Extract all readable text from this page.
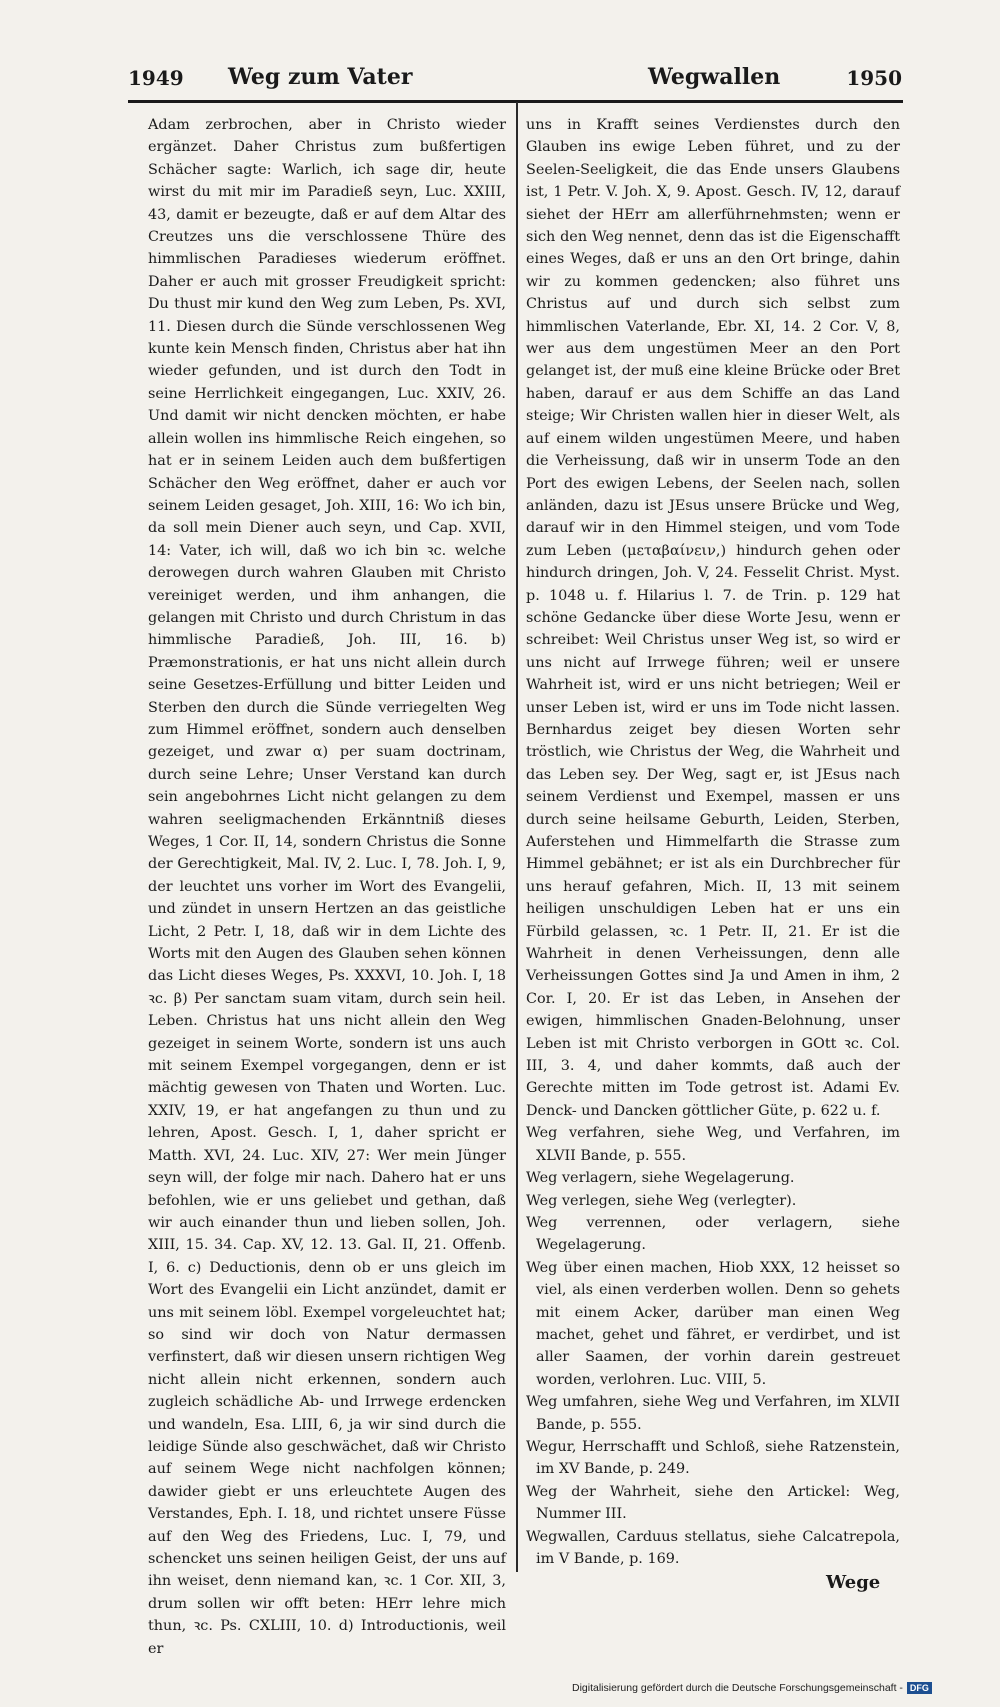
1949 Weg zum Vater	Wegwallen	1950

Adam zerbrochen, aber in Christo wieder ergänzet. Daher Christus zum bußfertigen Schächer sagte: Warlich, ich sage dir, heute wirst du mit mir im Paradieß seyn, Luc. XXIII, 43, damit er bezeugte, daß er auf dem Altar des Creutzes uns die verschlossene Thüre des himmlischen Paradieses wiederum eröffnet. Daher er auch mit grosser Freudigkeit spricht: Du thust mir kund den Weg zum Leben, Ps. XVI, 11. Diesen durch die Sünde verschlossenen Weg kunte kein Mensch finden, Christus aber hat ihn wieder gefunden, und ist durch den Todt in seine Herrlichkeit eingegangen, Luc. XXIV, 26. Und damit wir nicht dencken möchten, er habe allein wollen ins himmlische Reich eingehen, so hat er in seinem Leiden auch dem bußfertigen Schächer den Weg eröffnet, daher er auch vor seinem Leiden gesaget, Joh. XIII, 16: Wo ich bin, da soll mein Diener auch seyn, und Cap. XVII, 14: Vater, ich will, daß wo ich bin ꝛc. welche derowegen durch wahren Glauben mit Christo vereiniget werden, und ihm anhangen, die gelangen mit Christo und durch Christum in das himmlische Paradieß, Joh. III, 16. b) Præmonstrationis, er hat uns nicht allein durch seine Gesetzes-Erfüllung und bitter Leiden und Sterben den durch die Sünde verriegelten Weg zum Himmel eröffnet, sondern auch denselben gezeiget, und zwar α) per suam doctrinam, durch seine Lehre; Unser Verstand kan durch sein angebohrnes Licht nicht gelangen zu dem wahren seeligmachenden Erkänntniß dieses Weges, 1 Cor. II, 14, sondern Christus die Sonne der Gerechtigkeit, Mal. IV, 2. Luc. I, 78. Joh. I, 9, der leuchtet uns vorher im Wort des Evangelii, und zündet in unsern Hertzen an das geistliche Licht, 2 Petr. I, 18, daß wir in dem Lichte des Worts mit den Augen des Glauben sehen können das Licht dieses Weges, Ps. XXXVI, 10. Joh. I, 18 ꝛc. β) Per sanctam suam vitam, durch sein heil. Leben. Christus hat uns nicht allein den Weg gezeiget in seinem Worte, sondern ist uns auch mit seinem Exempel vorgegangen, denn er ist mächtig gewesen von Thaten und Worten. Luc. XXIV, 19, er hat angefangen zu thun und zu lehren, Apost. Gesch. I, 1, daher spricht er Matth. XVI, 24. Luc. XIV, 27: Wer mein Jünger seyn will, der folge mir nach. Dahero hat er uns befohlen, wie er uns geliebet und gethan, daß wir auch einander thun und lieben sollen, Joh. XIII, 15. 34. Cap. XV, 12. 13. Gal. II, 21. Offenb. I, 6. c) Deductionis, denn ob er uns gleich im Wort des Evangelii ein Licht anzündet, damit er uns mit seinem löbl. Exempel vorgeleuchtet hat; so sind wir doch von Natur dermassen verfinstert, daß wir diesen unsern richtigen Weg nicht allein nicht erkennen, sondern auch zugleich schädliche Ab- und Irrwege erdencken und wandeln, Esa. LIII, 6, ja wir sind durch die leidige Sünde also geschwächet, daß wir Christo auf seinem Wege nicht nachfolgen können; dawider giebt er uns erleuchtete Augen des Verstandes, Eph. I. 18, und richtet unsere Füsse auf den Weg des Friedens, Luc. I, 79, und schencket uns seinen heiligen Geist, der uns auf ihn weiset, denn niemand kan, ꝛc. 1 Cor. XII, 3, drum sollen wir offt beten: HErr lehre mich thun, ꝛc. Ps. CXLIII, 10. d) Introductionis, weil er

uns in Krafft seines Verdienstes durch den Glauben ins ewige Leben führet, und zu der Seelen-Seeligkeit, die das Ende unsers Glaubens ist, 1 Petr. V. Joh. X, 9. Apost. Gesch. IV, 12, darauf siehet der HErr am allerführnehmsten; wenn er sich den Weg nennet, denn das ist die Eigenschafft eines Weges, daß er uns an den Ort bringe, dahin wir zu kommen gedencken; also führet uns Christus auf und durch sich selbst zum himmlischen Vaterlande, Ebr. XI, 14. 2 Cor. V, 8, wer aus dem ungestümen Meer an den Port gelanget ist, der muß eine kleine Brücke oder Bret haben, darauf er aus dem Schiffe an das Land steige; Wir Christen wallen hier in dieser Welt, als auf einem wilden ungestümen Meere, und haben die Verheissung, daß wir in unserm Tode an den Port des ewigen Lebens, der Seelen nach, sollen anländen, dazu ist JEsus unsere Brücke und Weg, darauf wir in den Himmel steigen, und vom Tode zum Leben (μεταβαίνειν,) hindurch gehen oder hindurch dringen, Joh. V, 24. Fesselit Christ. Myst. p. 1048 u. f. Hilarius l. 7. de Trin. p. 129 hat schöne Gedancke über diese Worte Jesu, wenn er schreibet: Weil Christus unser Weg ist, so wird er uns nicht auf Irrwege führen; weil er unsere Wahrheit ist, wird er uns nicht betriegen; Weil er unser Leben ist, wird er uns im Tode nicht lassen. Bernhardus zeiget bey diesen Worten sehr tröstlich, wie Christus der Weg, die Wahrheit und das Leben sey. Der Weg, sagt er, ist JEsus nach seinem Verdienst und Exempel, massen er uns durch seine heilsame Geburth, Leiden, Sterben, Auferstehen und Himmelfarth die Strasse zum Himmel gebähnet; er ist als ein Durchbrecher für uns herauf gefahren, Mich. II, 13 mit seinem heiligen unschuldigen Leben hat er uns ein Fürbild gelassen, ꝛc. 1 Petr. II, 21. Er ist die Wahrheit in denen Verheissungen, denn alle Verheissungen Gottes sind Ja und Amen in ihm, 2 Cor. I, 20. Er ist das Leben, in Ansehen der ewigen, himmlischen Gnaden-Belohnung, unser Leben ist mit Christo verborgen in GOtt ꝛc. Col. III, 3. 4, und daher kommts, daß auch der Gerechte mitten im Tode getrost ist. Adami Ev. Denck- und Dancken göttlicher Güte, p. 622 u. f.

Weg verfahren, siehe Weg, und Verfahren, im XLVII Bande, p. 555.

Weg verlagern, siehe Wegelagerung.

Weg verlegen, siehe Weg (verlegter).

Weg verrennen, oder verlagern, siehe Wegelagerung.

Weg über einen machen, Hiob XXX, 12 heisset so viel, als einen verderben wollen. Denn so gehets mit einem Acker, darüber man einen Weg machet, gehet und fähret, er verdirbet, und ist aller Saamen, der vorhin darein gestreuet worden, verlohren. Luc. VIII, 5.

Weg umfahren, siehe Weg und Verfahren, im XLVII Bande, p. 555.

Wegur, Herrschafft und Schloß, siehe Ratzenstein, im XV Bande, p. 249.

Weg der Wahrheit, siehe den Artickel: Weg, Nummer III.

Wegwallen, Carduus stellatus, siehe Calcatrepola, im V Bande, p. 169.

Wege
Digitalisierung gefördert durch die Deutsche Forschungsgemeinschaft - DFG
